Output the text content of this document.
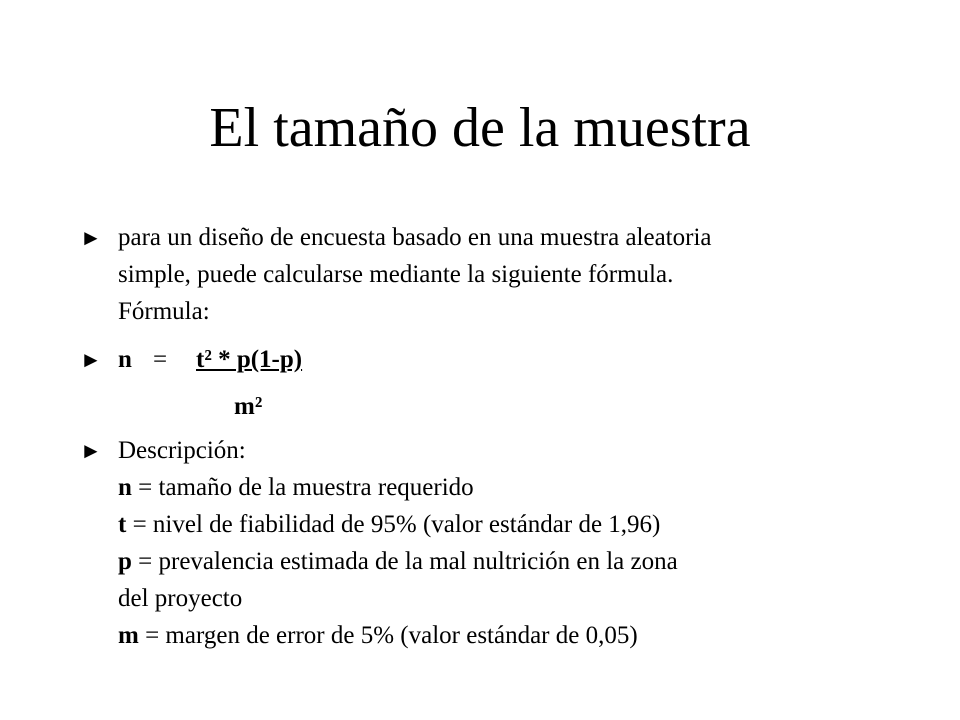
El tamaño de la muestra
► para un diseño de encuesta basado en una muestra aleatoria
simple, puede calcularse mediante la siguiente fórmula.
Fórmula:
► n = t² * p(1-p)
m²
► Descripción:
n = tamaño de la muestra requerido
t = nivel de fiabilidad de 95% (valor estándar de 1,96)
p = prevalencia estimada de la mal nultrición en la zona
del proyecto
m = margen de error de 5% (valor estándar de 0,05)
